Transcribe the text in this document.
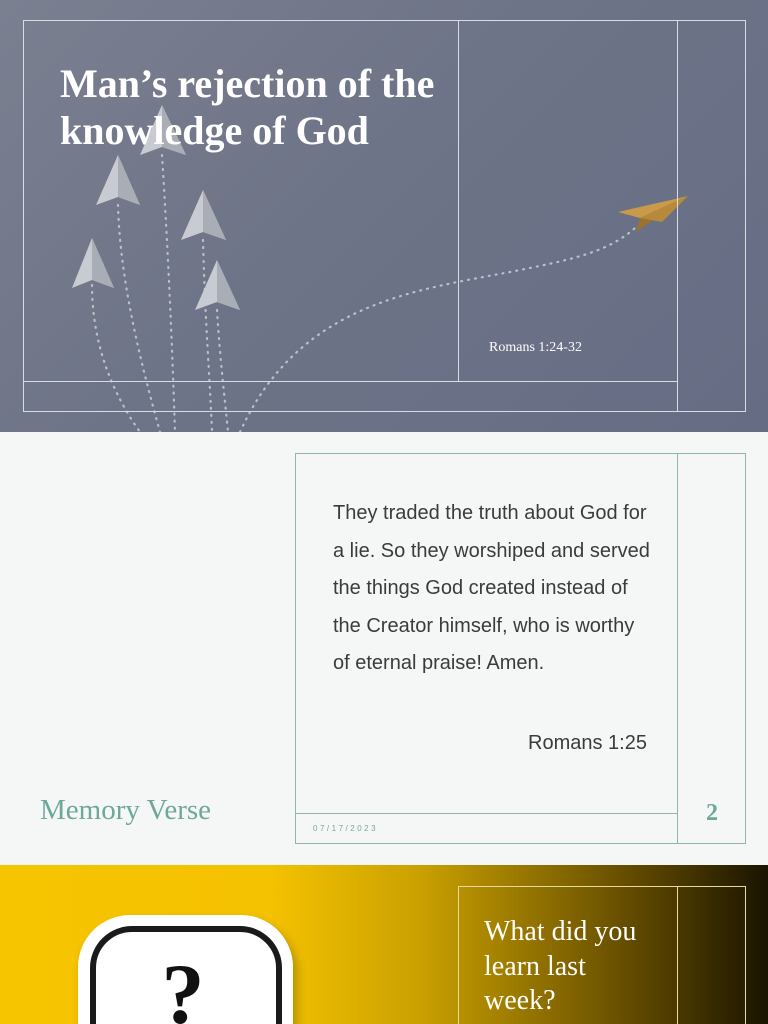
Man’s rejection of the knowledge of God
Romans 1:24-32

They traded the truth about God for a lie. So they worshiped and served the things God created instead of the Creator himself, who is worthy of eternal praise! Amen.

Romans 1:25
07/17/2023
2
Memory Verse
?
What did you learn last week?
